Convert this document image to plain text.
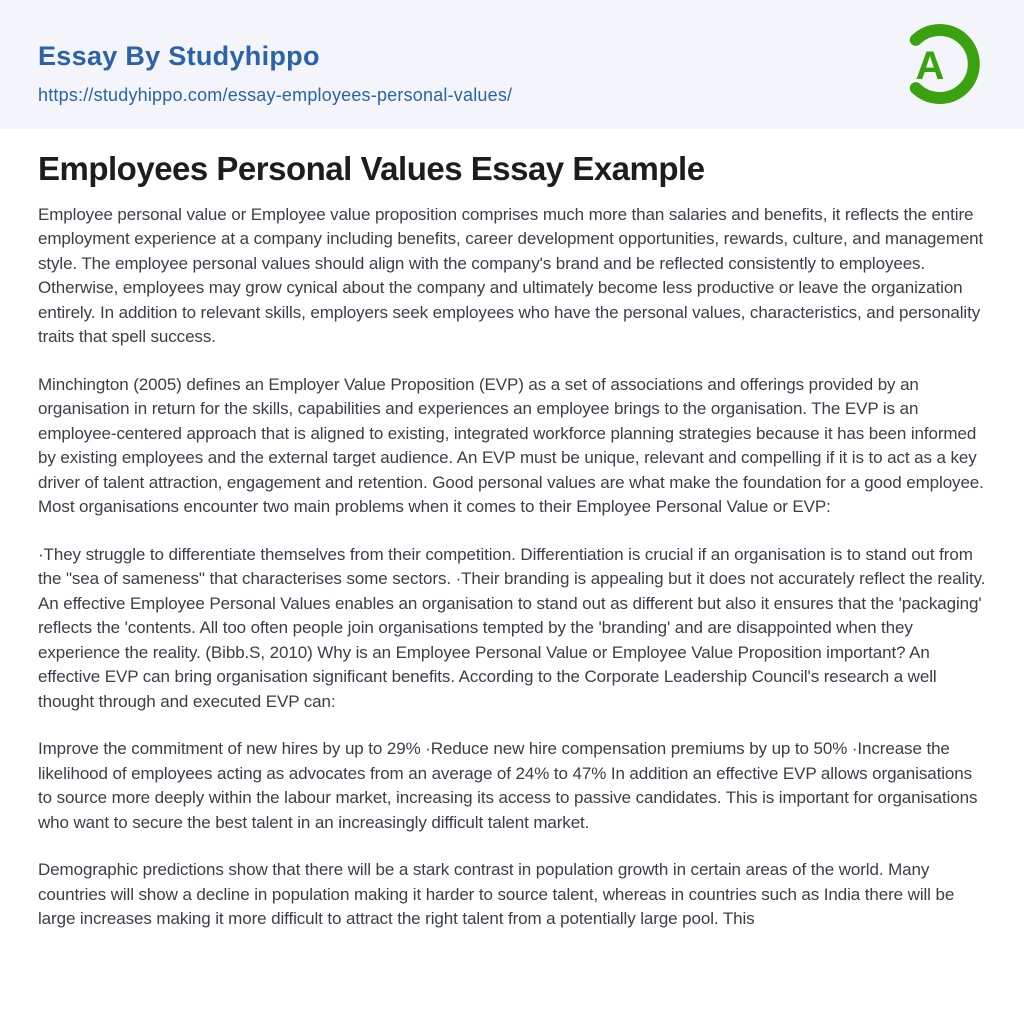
Essay By Studyhippo
https://studyhippo.com/essay-employees-personal-values/
A
Employees Personal Values Essay Example

Employee personal value or Employee value proposition comprises much more than salaries and benefits, it reflects the entire employment experience at a company including benefits, career development opportunities, rewards, culture, and management style. The employee personal values should align with the company's brand and be reflected consistently to employees. Otherwise, employees may grow cynical about the company and ultimately become less productive or leave the organization entirely. In addition to relevant skills, employers seek employees who have the personal values, characteristics, and personality traits that spell success.

Minchington (2005) defines an Employer Value Proposition (EVP) as a set of associations and offerings provided by an organisation in return for the skills, capabilities and experiences an employee brings to the organisation. The EVP is an employee-centered approach that is aligned to existing, integrated workforce planning strategies because it has been informed by existing employees and the external target audience. An EVP must be unique, relevant and compelling if it is to act as a key driver of talent attraction, engagement and retention. Good personal values are what make the foundation for a good employee. Most organisations encounter two main problems when it comes to their Employee Personal Value or EVP:

·They struggle to differentiate themselves from their competition. Differentiation is crucial if an organisation is to stand out from the "sea of sameness" that characterises some sectors. ·Their branding is appealing but it does not accurately reflect the reality. An effective Employee Personal Values enables an organisation to stand out as different but also it ensures that the 'packaging' reflects the 'contents. All too often people join organisations tempted by the 'branding' and are disappointed when they experience the reality. (Bibb.S, 2010) Why is an Employee Personal Value or Employee Value Proposition important? An effective EVP can bring organisation significant benefits. According to the Corporate Leadership Council's research a well thought through and executed EVP can:

Improve the commitment of new hires by up to 29% ·Reduce new hire compensation premiums by up to 50% ·Increase the likelihood of employees acting as advocates from an average of 24% to 47% In addition an effective EVP allows organisations to source more deeply within the labour market, increasing its access to passive candidates. This is important for organisations who want to secure the best talent in an increasingly difficult talent market.

Demographic predictions show that there will be a stark contrast in population growth in certain areas of the world. Many countries will show a decline in population making it harder to source talent, whereas in countries such as India there will be large increases making it more difficult to attract the right talent from a potentially large pool. This
